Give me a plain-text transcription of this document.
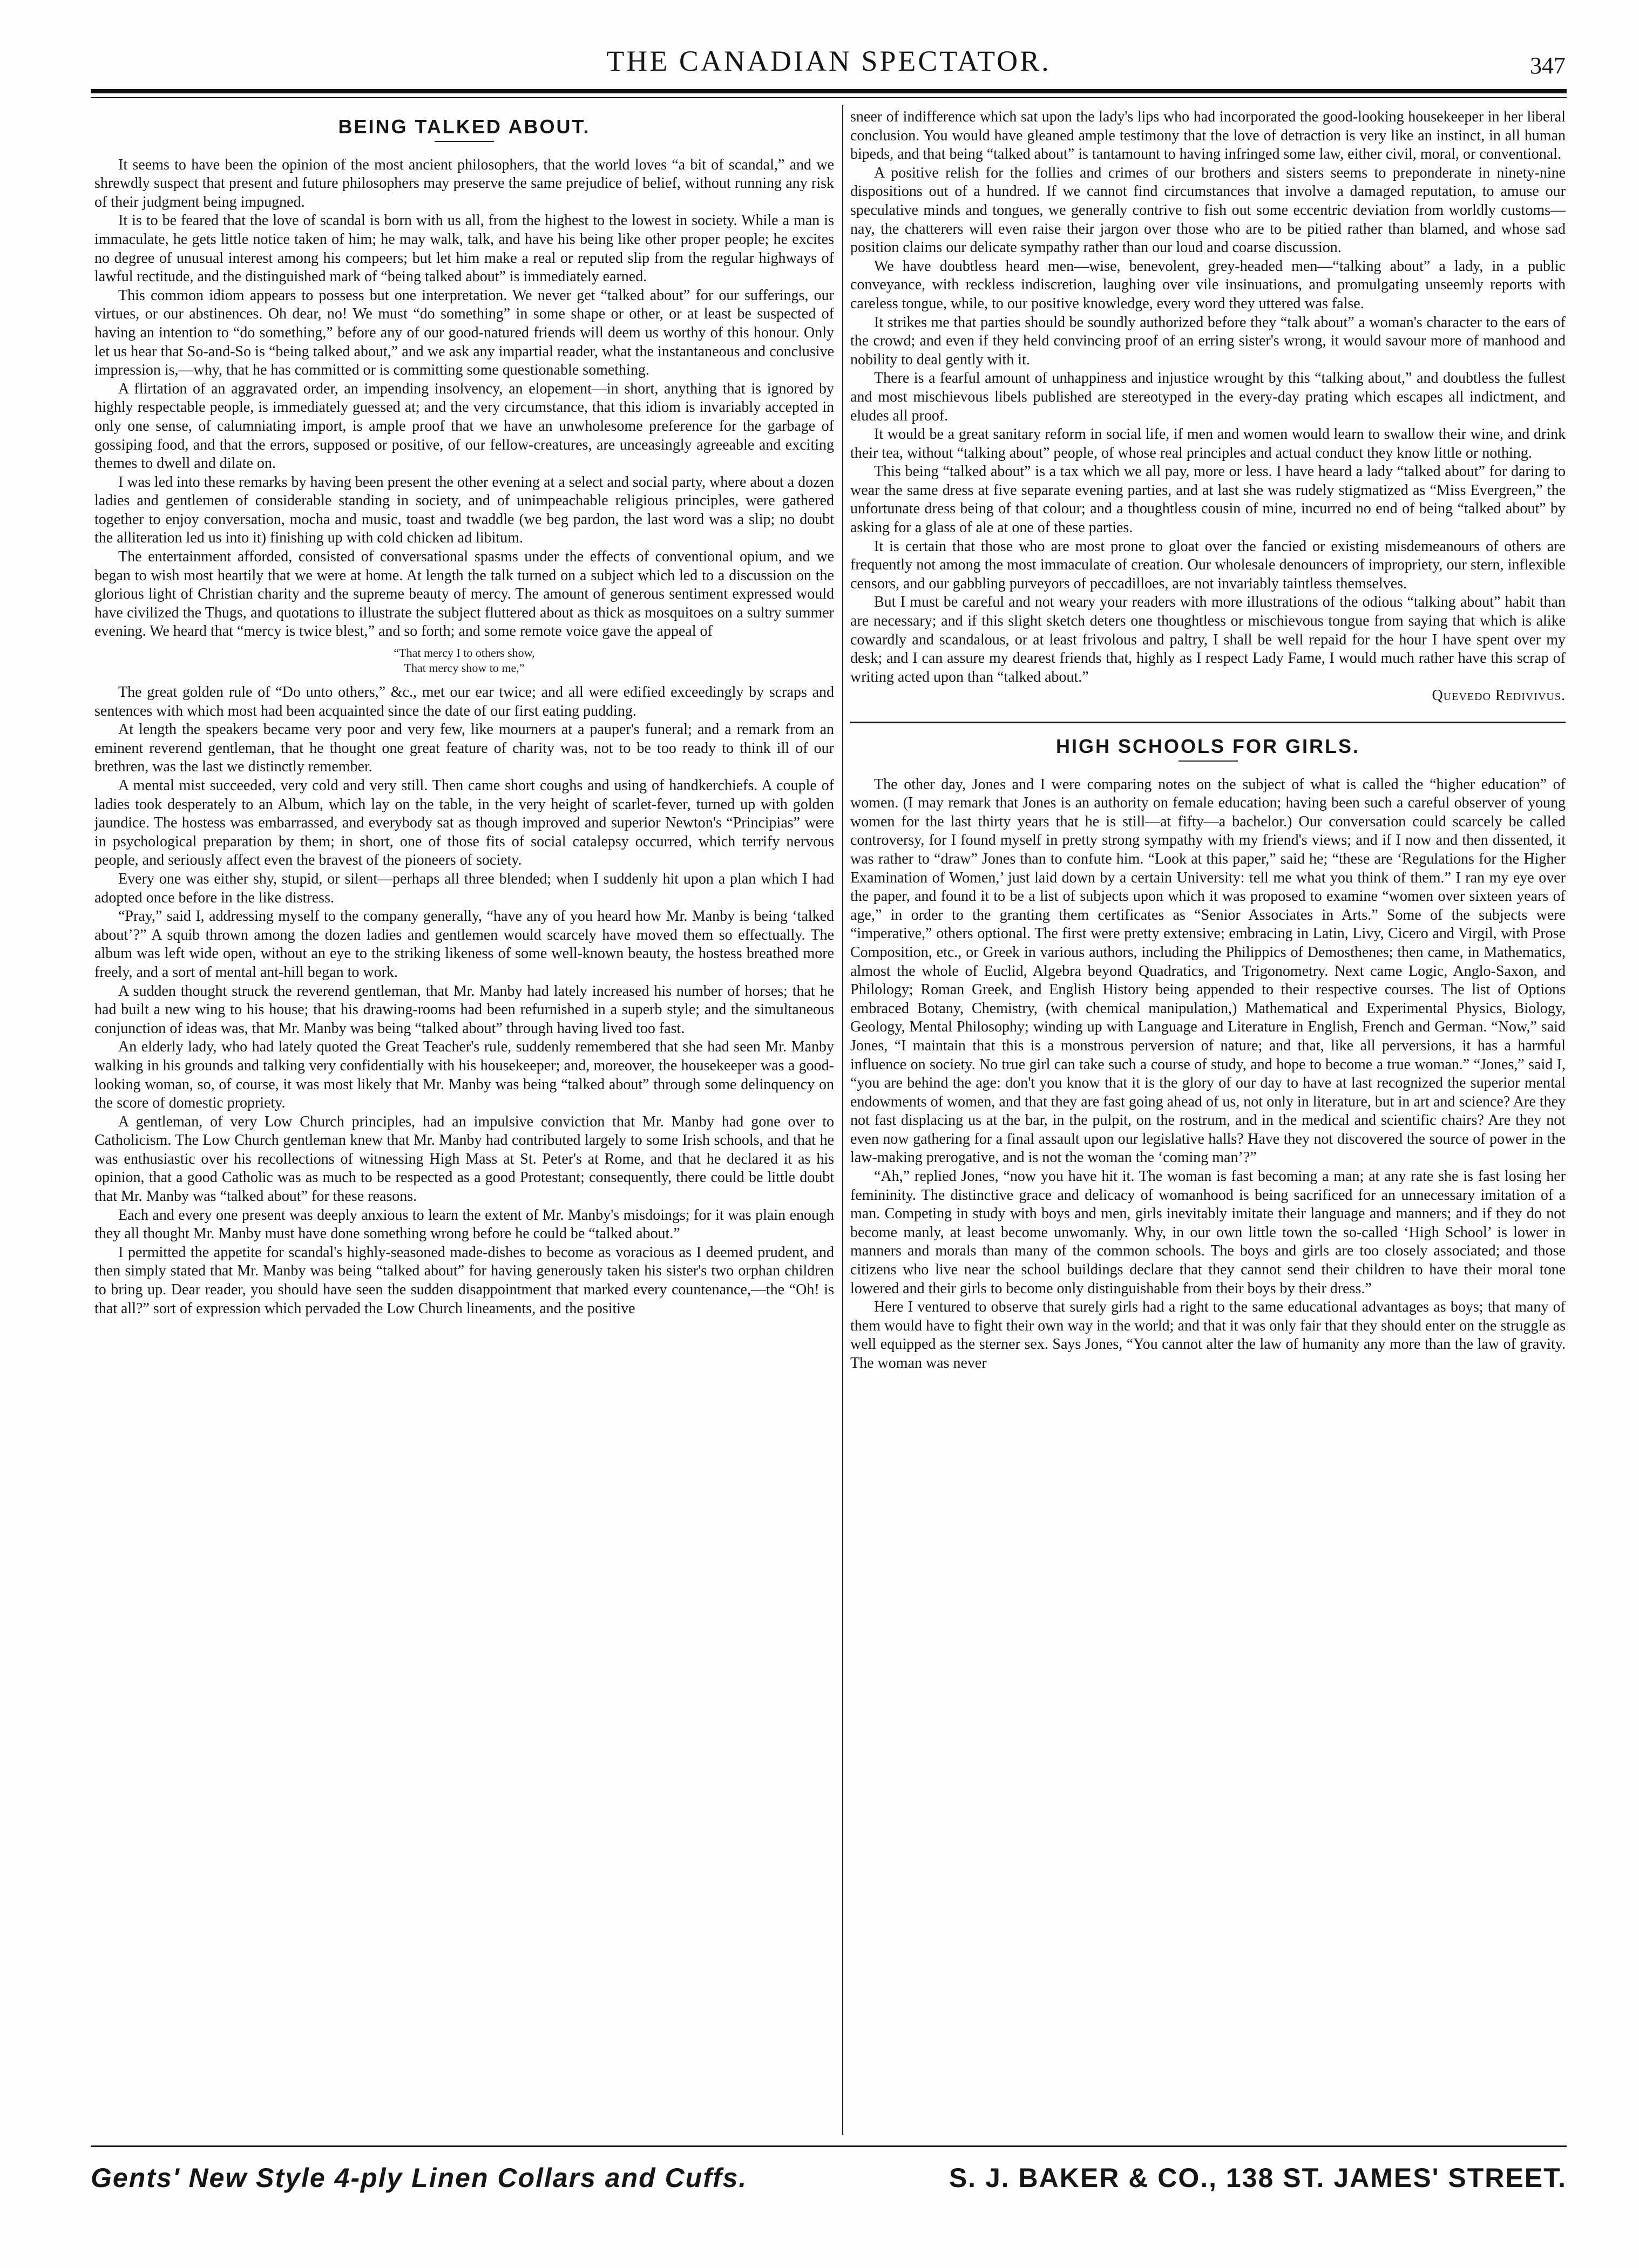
THE CANADIAN SPECTATOR.	347
BEING TALKED ABOUT.

It seems to have been the opinion of the most ancient philosophers, that the world loves “a bit of scandal,” and we shrewdly suspect that present and future philosophers may preserve the same prejudice of belief, without running any risk of their judgment being impugned.

It is to be feared that the love of scandal is born with us all, from the highest to the lowest in society. While a man is immaculate, he gets little notice taken of him; he may walk, talk, and have his being like other proper people; he excites no degree of unusual interest among his compeers; but let him make a real or reputed slip from the regular highways of lawful rectitude, and the distinguished mark of “being talked about” is immediately earned.

This common idiom appears to possess but one interpretation. We never get “talked about” for our sufferings, our virtues, or our abstinences. Oh dear, no! We must “do something” in some shape or other, or at least be suspected of having an intention to “do something,” before any of our good-natured friends will deem us worthy of this honour. Only let us hear that So-and-So is “being talked about,” and we ask any impartial reader, what the instantaneous and conclusive impression is,—why, that he has committed or is committing some questionable something.

A flirtation of an aggravated order, an impending insolvency, an elopement—in short, anything that is ignored by highly respectable people, is immediately guessed at; and the very circumstance, that this idiom is invariably accepted in only one sense, of calumniating import, is ample proof that we have an unwholesome preference for the garbage of gossiping food, and that the errors, supposed or positive, of our fellow-creatures, are unceasingly agreeable and exciting themes to dwell and dilate on.

I was led into these remarks by having been present the other evening at a select and social party, where about a dozen ladies and gentlemen of considerable standing in society, and of unimpeachable religious principles, were gathered together to enjoy conversation, mocha and music, toast and twaddle (we beg pardon, the last word was a slip; no doubt the alliteration led us into it) finishing up with cold chicken ad libitum.

The entertainment afforded, consisted of conversational spasms under the effects of conventional opium, and we began to wish most heartily that we were at home. At length the talk turned on a subject which led to a discussion on the glorious light of Christian charity and the supreme beauty of mercy. The amount of generous sentiment expressed would have civilized the Thugs, and quotations to illustrate the subject fluttered about as thick as mosquitoes on a sultry summer evening. We heard that “mercy is twice blest,” and so forth; and some remote voice gave the appeal of

“That mercy I to others show,
That mercy show to me,”

The great golden rule of “Do unto others,” &c., met our ear twice; and all were edified exceedingly by scraps and sentences with which most had been acquainted since the date of our first eating pudding.

At length the speakers became very poor and very few, like mourners at a pauper's funeral; and a remark from an eminent reverend gentleman, that he thought one great feature of charity was, not to be too ready to think ill of our brethren, was the last we distinctly remember.

A mental mist succeeded, very cold and very still. Then came short coughs and using of handkerchiefs. A couple of ladies took desperately to an Album, which lay on the table, in the very height of scarlet-fever, turned up with golden jaundice. The hostess was embarrassed, and everybody sat as though improved and superior Newton's “Principias” were in psychological preparation by them; in short, one of those fits of social catalepsy occurred, which terrify nervous people, and seriously affect even the bravest of the pioneers of society.

Every one was either shy, stupid, or silent—perhaps all three blended; when I suddenly hit upon a plan which I had adopted once before in the like distress.

“Pray,” said I, addressing myself to the company generally, “have any of you heard how Mr. Manby is being ‘talked about’?” A squib thrown among the dozen ladies and gentlemen would scarcely have moved them so effectually. The album was left wide open, without an eye to the striking likeness of some well-known beauty, the hostess breathed more freely, and a sort of mental ant-hill began to work.

A sudden thought struck the reverend gentleman, that Mr. Manby had lately increased his number of horses; that he had built a new wing to his house; that his drawing-rooms had been refurnished in a superb style; and the simultaneous conjunction of ideas was, that Mr. Manby was being “talked about” through having lived too fast.

An elderly lady, who had lately quoted the Great Teacher's rule, suddenly remembered that she had seen Mr. Manby walking in his grounds and talking very confidentially with his housekeeper; and, moreover, the housekeeper was a good-looking woman, so, of course, it was most likely that Mr. Manby was being “talked about” through some delinquency on the score of domestic propriety.

A gentleman, of very Low Church principles, had an impulsive conviction that Mr. Manby had gone over to Catholicism. The Low Church gentleman knew that Mr. Manby had contributed largely to some Irish schools, and that he was enthusiastic over his recollections of witnessing High Mass at St. Peter's at Rome, and that he declared it as his opinion, that a good Catholic was as much to be respected as a good Protestant; consequently, there could be little doubt that Mr. Manby was “talked about” for these reasons.

Each and every one present was deeply anxious to learn the extent of Mr. Manby's misdoings; for it was plain enough they all thought Mr. Manby must have done something wrong before he could be “talked about.”

I permitted the appetite for scandal's highly-seasoned made-dishes to become as voracious as I deemed prudent, and then simply stated that Mr. Manby was being “talked about” for having generously taken his sister's two orphan children to bring up. Dear reader, you should have seen the sudden disappointment that marked every countenance,—the “Oh! is that all?” sort of expression which pervaded the Low Church lineaments, and the positive

sneer of indifference which sat upon the lady's lips who had incorporated the good-looking housekeeper in her liberal conclusion. You would have gleaned ample testimony that the love of detraction is very like an instinct, in all human bipeds, and that being “talked about” is tantamount to having infringed some law, either civil, moral, or conventional.

A positive relish for the follies and crimes of our brothers and sisters seems to preponderate in ninety-nine dispositions out of a hundred. If we cannot find circumstances that involve a damaged reputation, to amuse our speculative minds and tongues, we generally contrive to fish out some eccentric deviation from worldly customs—nay, the chatterers will even raise their jargon over those who are to be pitied rather than blamed, and whose sad position claims our delicate sympathy rather than our loud and coarse discussion.

We have doubtless heard men—wise, benevolent, grey-headed men—“talking about” a lady, in a public conveyance, with reckless indiscretion, laughing over vile insinuations, and promulgating unseemly reports with careless tongue, while, to our positive knowledge, every word they uttered was false.

It strikes me that parties should be soundly authorized before they “talk about” a woman's character to the ears of the crowd; and even if they held convincing proof of an erring sister's wrong, it would savour more of manhood and nobility to deal gently with it.

There is a fearful amount of unhappiness and injustice wrought by this “talking about,” and doubtless the fullest and most mischievous libels published are stereotyped in the every-day prating which escapes all indictment, and eludes all proof.

It would be a great sanitary reform in social life, if men and women would learn to swallow their wine, and drink their tea, without “talking about” people, of whose real principles and actual conduct they know little or nothing.

This being “talked about” is a tax which we all pay, more or less. I have heard a lady “talked about” for daring to wear the same dress at five separate evening parties, and at last she was rudely stigmatized as “Miss Evergreen,” the unfortunate dress being of that colour; and a thoughtless cousin of mine, incurred no end of being “talked about” by asking for a glass of ale at one of these parties.

It is certain that those who are most prone to gloat over the fancied or existing misdemeanours of others are frequently not among the most immaculate of creation. Our wholesale denouncers of impropriety, our stern, inflexible censors, and our gabbling purveyors of peccadilloes, are not invariably taintless themselves.

But I must be careful and not weary your readers with more illustrations of the odious “talking about” habit than are necessary; and if this slight sketch deters one thoughtless or mischievous tongue from saying that which is alike cowardly and scandalous, or at least frivolous and paltry, I shall be well repaid for the hour I have spent over my desk; and I can assure my dearest friends that, highly as I respect Lady Fame, I would much rather have this scrap of writing acted upon than “talked about.”

Quevedo Redivivus.

HIGH SCHOOLS FOR GIRLS.

The other day, Jones and I were comparing notes on the subject of what is called the “higher education” of women. (I may remark that Jones is an authority on female education; having been such a careful observer of young women for the last thirty years that he is still—at fifty—a bachelor.) Our conversation could scarcely be called controversy, for I found myself in pretty strong sympathy with my friend's views; and if I now and then dissented, it was rather to “draw” Jones than to confute him. “Look at this paper,” said he; “these are ‘Regulations for the Higher Examination of Women,’ just laid down by a certain University: tell me what you think of them.” I ran my eye over the paper, and found it to be a list of subjects upon which it was proposed to examine “women over sixteen years of age,” in order to the granting them certificates as “Senior Associates in Arts.” Some of the subjects were “imperative,” others optional. The first were pretty extensive; embracing in Latin, Livy, Cicero and Virgil, with Prose Composition, etc., or Greek in various authors, including the Philippics of Demosthenes; then came, in Mathematics, almost the whole of Euclid, Algebra beyond Quadratics, and Trigonometry. Next came Logic, Anglo-Saxon, and Philology; Roman Greek, and English History being appended to their respective courses. The list of Options embraced Botany, Chemistry, (with chemical manipulation,) Mathematical and Experimental Physics, Biology, Geology, Mental Philosophy; winding up with Language and Literature in English, French and German. “Now,” said Jones, “I maintain that this is a monstrous perversion of nature; and that, like all perversions, it has a harmful influence on society. No true girl can take such a course of study, and hope to become a true woman.” “Jones,” said I, “you are behind the age: don't you know that it is the glory of our day to have at last recognized the superior mental endowments of women, and that they are fast going ahead of us, not only in literature, but in art and science? Are they not fast displacing us at the bar, in the pulpit, on the rostrum, and in the medical and scientific chairs? Are they not even now gathering for a final assault upon our legislative halls? Have they not discovered the source of power in the law-making prerogative, and is not the woman the ‘coming man’?”

“Ah,” replied Jones, “now you have hit it. The woman is fast becoming a man; at any rate she is fast losing her femininity. The distinctive grace and delicacy of womanhood is being sacrificed for an unnecessary imitation of a man. Competing in study with boys and men, girls inevitably imitate their language and manners; and if they do not become manly, at least become unwomanly. Why, in our own little town the so-called ‘High School’ is lower in manners and morals than many of the common schools. The boys and girls are too closely associated; and those citizens who live near the school buildings declare that they cannot send their children to have their moral tone lowered and their girls to become only distinguishable from their boys by their dress.”

Here I ventured to observe that surely girls had a right to the same educational advantages as boys; that many of them would have to fight their own way in the world; and that it was only fair that they should enter on the struggle as well equipped as the sterner sex. Says Jones, “You cannot alter the law of humanity any more than the law of gravity. The woman was never

Gents' New Style 4-ply Linen Collars and Cuffs.	S. J. BAKER & CO., 138 ST. JAMES' STREET.
